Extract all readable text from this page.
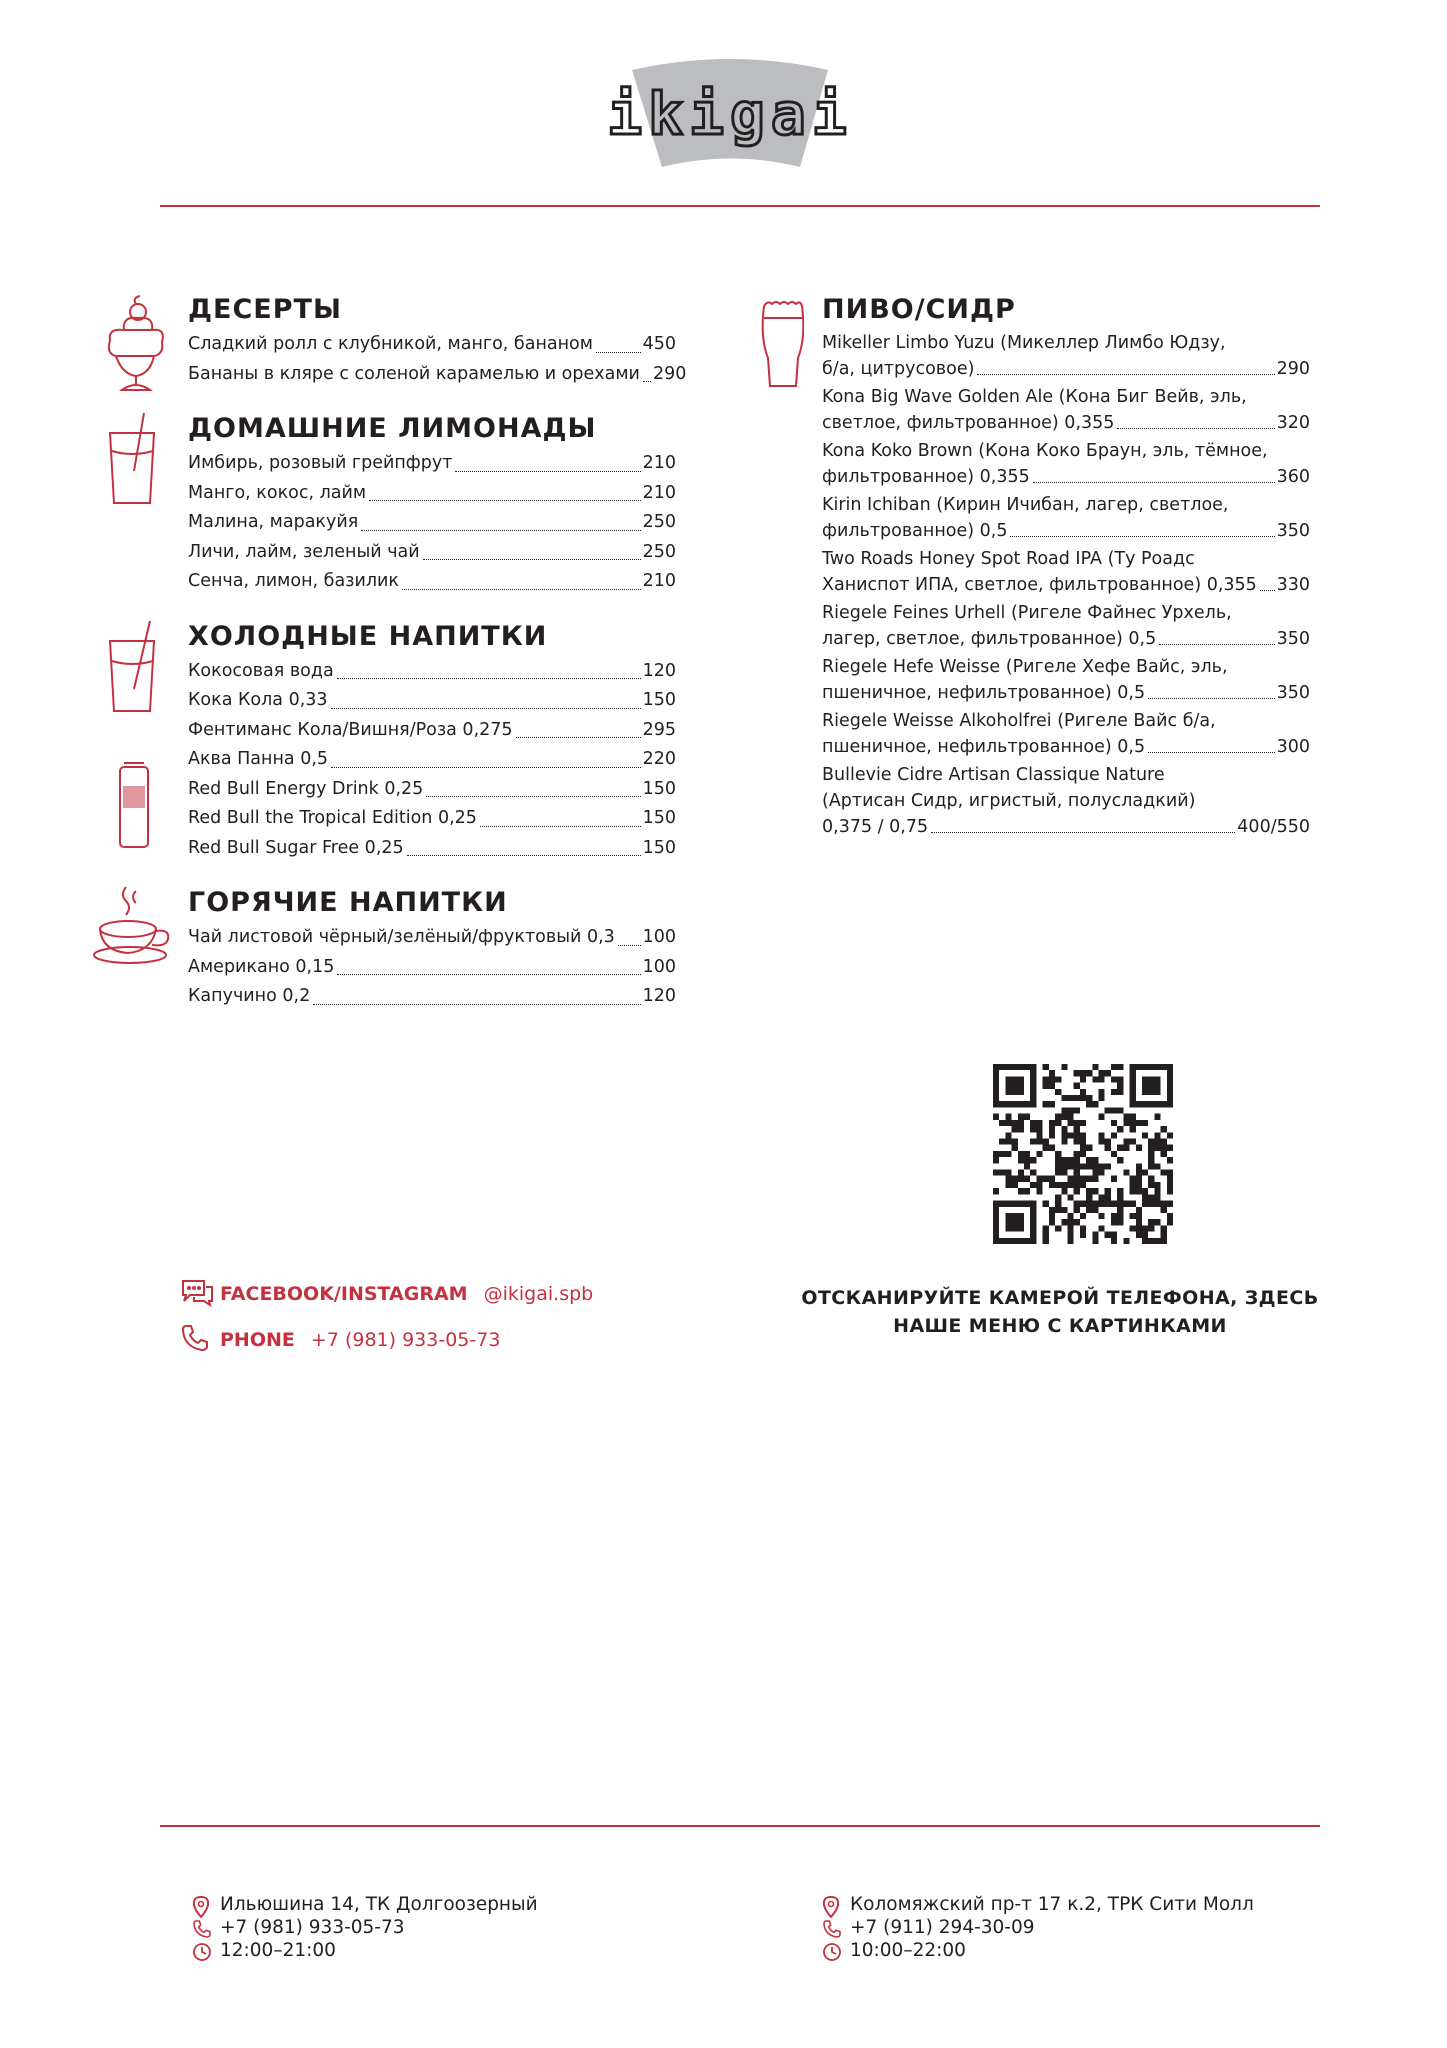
ikigai
ДЕСЕРТЫ
Сладкий ролл с клубникой, манго, бананом	450
Бананы в кляре с соленой карамелью и орехами 290
ДОМАШНИЕ ЛИМОНАДЫ
Имбирь, розовый грейпфрут	210
Манго, кокос, лайм	210
Малина, маракуйя	250
Личи, лайм, зеленый чай	250
Сенча, лимон, базилик	210
ХОЛОДНЫЕ НАПИТКИ
Кокосовая вода	120
Кока Кола 0,33	150
Фентиманс Кола/Вишня/Роза 0,275	295
Аква Панна 0,5	220
Red Bull Energy Drink 0,25	150
Red Bull the Tropical Edition 0,25	150
Red Bull Sugar Free 0,25	150
ГОРЯЧИЕ НАПИТКИ
Чай листовой чёрный/зелёный/фруктовый 0,3 100
Американо 0,15	100
Капучино 0,2	120
ПИВО/СИДР
Mikeller Limbo Yuzu (Микеллер Лимбо Юдзу,
б/а, цитрусовое)	290
Kona Big Wave Golden Ale (Кона Биг Вейв, эль,
светлое, фильтрованное) 0,355	320
Kona Koko Brown (Кона Коко Браун, эль, тёмное,
фильтрованное) 0,355	360
Kirin Ichiban (Кирин Ичибан, лагер, светлое,
фильтрованное) 0,5	350
Two Roads Honey Spot Road IPA (Ту Роадс
Ханиспот ИПА, светлое, фильтрованное) 0,355 330
Riegele Feines Urhell (Ригеле Файнес Урхель,
лагер, светлое, фильтрованное) 0,5	350
Riegele Hefe Weisse (Ригеле Хефе Вайс, эль,
пшеничное, нефильтрованное) 0,5	350
Riegele Weisse Alkoholfrei (Ригеле Вайс б/а,
пшеничное, нефильтрованное) 0,5	300
Bullevie Cidre Artisan Classique Nature
(Артисан Сидр, игристый, полусладкий)
0,375 / 0,75	400/550
FACEBOOK/INSTAGRAM @ikigai.spb
PHONE +7 (981) 933-05-73
ОТСКАНИРУЙТЕ КАМЕРОЙ ТЕЛЕФОНА, ЗДЕСЬ
НАШЕ МЕНЮ С КАРТИНКАМИ
Ильюшина 14, ТК Долгоозерный
+7 (981) 933-05-73
12:00–21:00
Коломяжский пр-т 17 к.2, ТРК Сити Молл
+7 (911) 294-30-09
10:00–22:00
